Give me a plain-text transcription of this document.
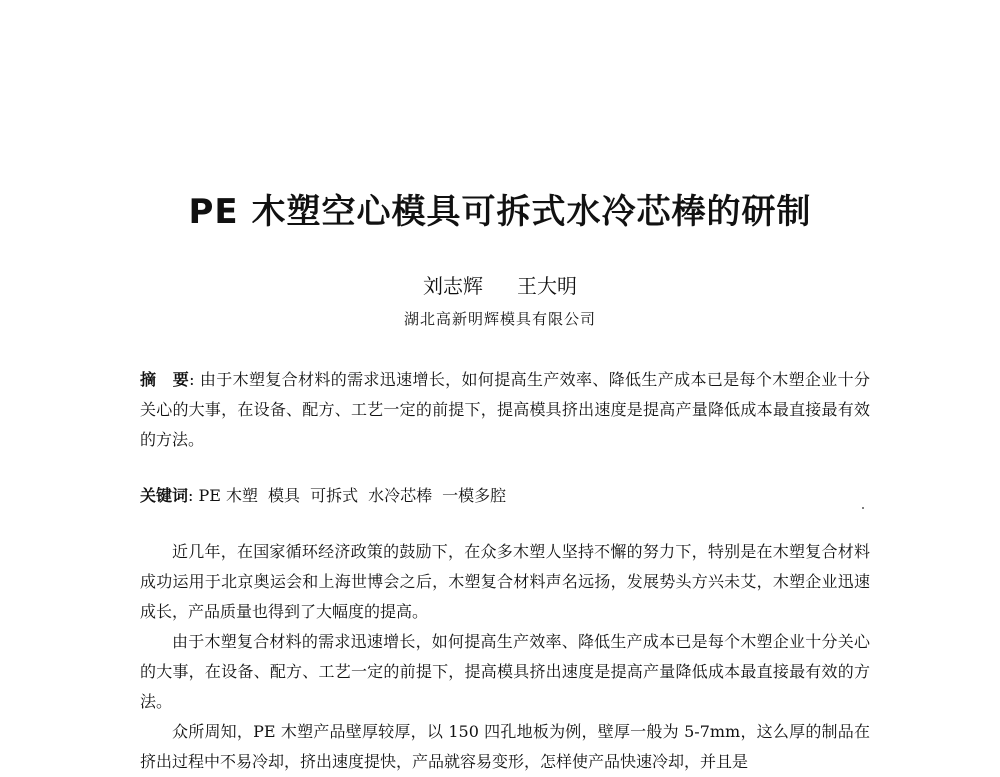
PE 木塑空心模具可拆式水冷芯棒的研制
刘志辉 王大明
湖北高新明辉模具有限公司
摘　要: 由于木塑复合材料的需求迅速增长，如何提高生产效率、降低生产成本已是每个木塑企业十分关心的大事，在设备、配方、工艺一定的前提下，提高模具挤出速度是提高产量降低成本最直接最有效的方法。
关键词: PE 木塑 模具 可拆式 水冷芯棒 一模多腔
近几年，在国家循环经济政策的鼓励下，在众多木塑人坚持不懈的努力下，特别是在木塑复合材料成功运用于北京奥运会和上海世博会之后，木塑复合材料声名远扬，发展势头方兴未艾，木塑企业迅速成长，产品质量也得到了大幅度的提高。
由于木塑复合材料的需求迅速增长，如何提高生产效率、降低生产成本已是每个木塑企业十分关心的大事，在设备、配方、工艺一定的前提下，提高模具挤出速度是提高产量降低成本最直接最有效的方法。
众所周知，PE 木塑产品壁厚较厚，以 150 四孔地板为例，壁厚一般为 5-7mm，这么厚的制品在挤出过程中不易冷却，挤出速度提快，产品就容易变形，怎样使产品快速冷却，并且是
